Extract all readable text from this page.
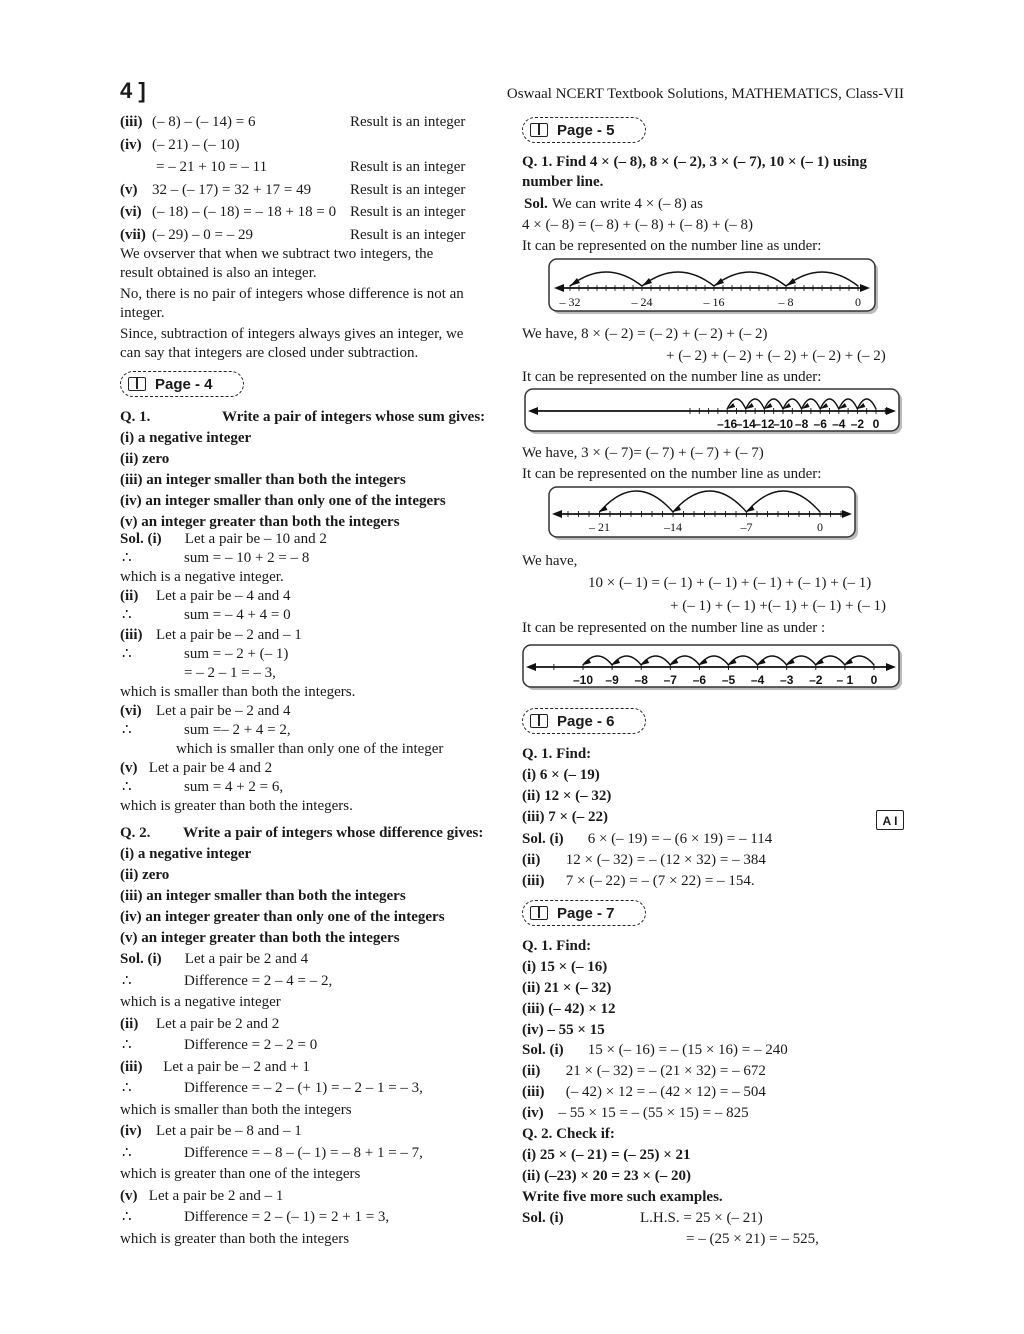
4 ]	Oswaal NCERT Textbook Solutions, MATHEMATICS, Class-VII
A I
(iii) (– 8) – (– 14) = 6	Result is an integer
(iv) (– 21) – (– 10)
= – 21 + 10 = – 11	Result is an integer
(v) 32 – (– 17) = 32 + 17 = 49	Result is an integer
(vi) (– 18) – (– 18) = – 18 + 18 = 0 Result is an integer
(vii) (– 29) – 0 = – 29	Result is an integer
We ovserver that when we subtract two integers, the
result obtained is also an integer.
No, there is no pair of integers whose difference is not an
integer.
Since, subtraction of integers always gives an integer, we
can say that integers are closed under subtraction.
Page - 4
Q. 1.	Write a pair of integers whose sum gives:
(i) a negative integer
(ii) zero
(iii) an integer smaller than both the integers
(iv) an integer smaller than only one of the integers
(v) an integer greater than both the integers
Sol. (i) Let a pair be – 10 and 2
∴	sum = – 10 + 2 = – 8
which is a negative integer.
(ii) Let a pair be – 4 and 4
∴	sum = – 4 + 4 = 0
(iii) Let a pair be – 2 and – 1
∴	sum = – 2 + (– 1)
= – 2 – 1 = – 3,
which is smaller than both the integers.
(vi) Let a pair be – 2 and 4
∴	sum =– 2 + 4 = 2,
which is smaller than only one of the integer
(v) Let a pair be 4 and 2
∴	sum = 4 + 2 = 6,
which is greater than both the integers.
Q. 2. Write a pair of integers whose difference gives:
(i) a negative integer
(ii) zero
(iii) an integer smaller than both the integers
(iv) an integer greater than only one of the integers
(v) an integer greater than both the integers
Sol. (i) Let a pair be 2 and 4
∴	Difference = 2 – 4 = – 2,
which is a negative integer
(ii) Let a pair be 2 and 2
∴	Difference = 2 – 2 = 0
(iii) Let a pair be – 2 and + 1
∴	Difference = – 2 – (+ 1) = – 2 – 1 = – 3,
which is smaller than both the integers
(iv) Let a pair be – 8 and – 1
∴	Difference = – 8 – (– 1) = – 8 + 1 = – 7,
which is greater than one of the integers
(v) Let a pair be 2 and – 1
∴	Difference = 2 – (– 1) = 2 + 1 = 3,
which is greater than both the integers
Page - 5
Q. 1. Find 4 × (– 8), 8 × (– 2), 3 × (– 7), 10 × (– 1) using
number line.
Sol. We can write 4 × (– 8) as
4 × (– 8) = (– 8) + (– 8) + (– 8) + (– 8)
It can be represented on the number line as under:
– 32	– 24	– 16	– 8	0
We have, 8 × (– 2) = (– 2) + (– 2) + (– 2)
+ (– 2) + (– 2) + (– 2) + (– 2) + (– 2)
It can be represented on the number line as under:
–16
–14
–12
–10 –8 –6 –4 –2 0
We have, 3 × (– 7)= (– 7) + (– 7) + (– 7)
It can be represented on the number line as under:
– 21	–14	–7	0
We have,
10 × (– 1) = (– 1) + (– 1) + (– 1) + (– 1) + (– 1)
+ (– 1) + (– 1) +(– 1) + (– 1) + (– 1)
It can be represented on the number line as under :
–10 –9 –8 –7 –6 –5 –4 –3 –2 – 1 0
Page - 6
Q. 1. Find:
(i) 6 × (– 19)
(ii) 12 × (– 32)
(iii) 7 × (– 22)
Sol. (i) 6 × (– 19) = – (6 × 19) = – 114
(ii) 12 × (– 32) = – (12 × 32) = – 384
(iii) 7 × (– 22) = – (7 × 22) = – 154.
Page - 7
Q. 1. Find:
(i) 15 × (– 16)
(ii) 21 × (– 32)
(iii) (– 42) × 12
(iv) – 55 × 15
Sol. (i) 15 × (– 16) = – (15 × 16) = – 240
(ii) 21 × (– 32) = – (21 × 32) = – 672
(iii) (– 42) × 12 = – (42 × 12) = – 504
(iv) – 55 × 15 = – (55 × 15) = – 825
Q. 2. Check if:
(i) 25 × (– 21) = (– 25) × 21
(ii) (–23) × 20 = 23 × (– 20)
Write five more such examples.
Sol. (i)	L.H.S. = 25 × (– 21)
= – (25 × 21) = – 525,
